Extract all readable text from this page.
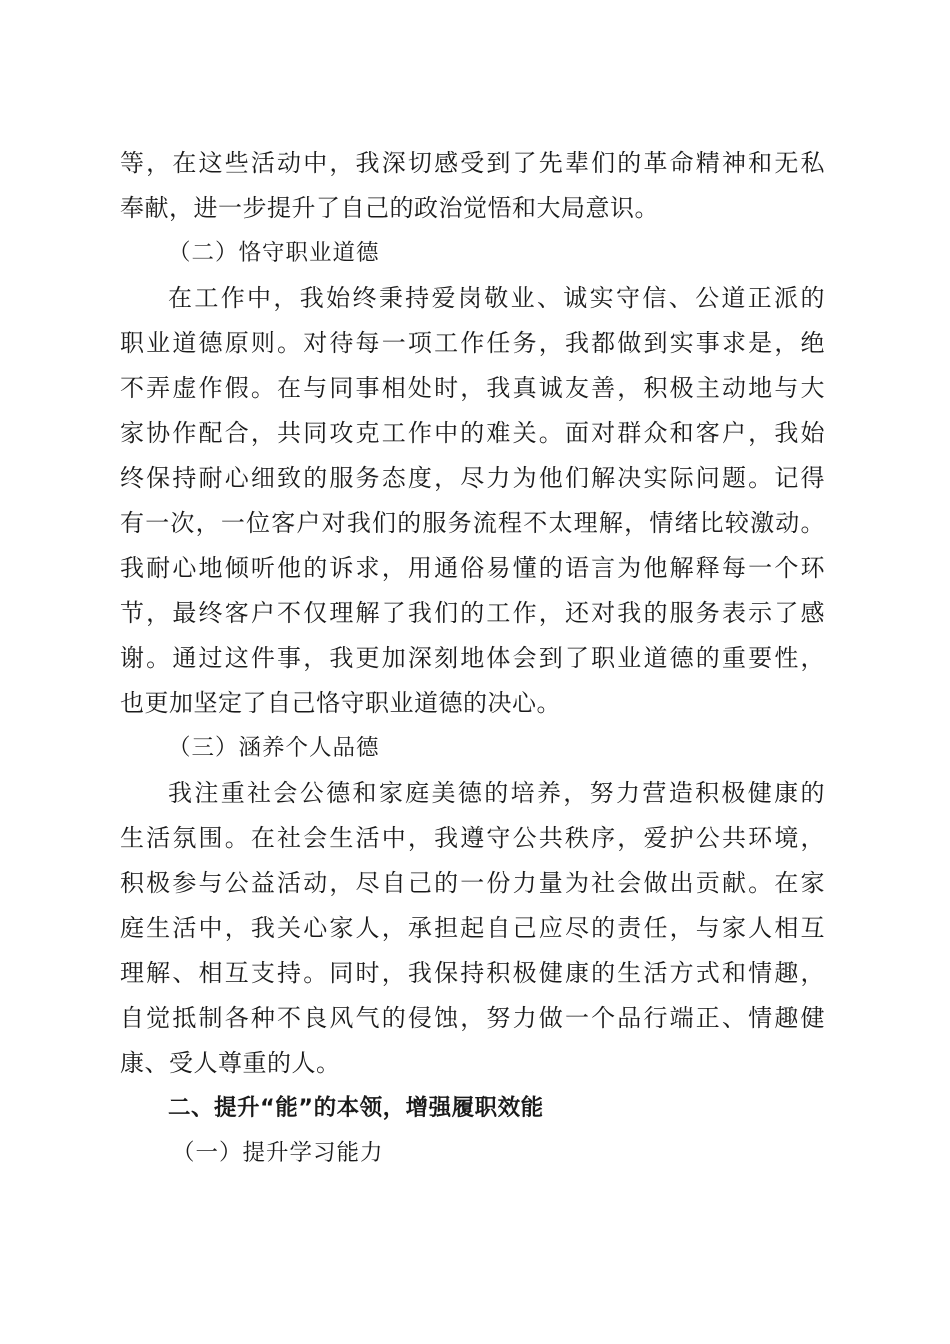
等，在这些活动中，我深切感受到了先辈们的革命精神和无私
奉献，进一步提升了自己的政治觉悟和大局意识。
（二）恪守职业道德
在工作中，我始终秉持爱岗敬业、诚实守信、公道正派的
职业道德原则。对待每一项工作任务，我都做到实事求是，绝
不弄虚作假。在与同事相处时，我真诚友善，积极主动地与大
家协作配合，共同攻克工作中的难关。面对群众和客户，我始
终保持耐心细致的服务态度，尽力为他们解决实际问题。记得
有一次，一位客户对我们的服务流程不太理解，情绪比较激动。
我耐心地倾听他的诉求，用通俗易懂的语言为他解释每一个环
节，最终客户不仅理解了我们的工作，还对我的服务表示了感
谢。通过这件事，我更加深刻地体会到了职业道德的重要性，
也更加坚定了自己恪守职业道德的决心。
（三）涵养个人品德
我注重社会公德和家庭美德的培养，努力营造积极健康的
生活氛围。在社会生活中，我遵守公共秩序，爱护公共环境，
积极参与公益活动，尽自己的一份力量为社会做出贡献。在家
庭生活中，我关心家人，承担起自己应尽的责任，与家人相互
理解、相互支持。同时，我保持积极健康的生活方式和情趣，
自觉抵制各种不良风气的侵蚀，努力做一个品行端正、情趣健
康、受人尊重的人。
二、提升“能”的本领，增强履职效能
（一）提升学习能力
